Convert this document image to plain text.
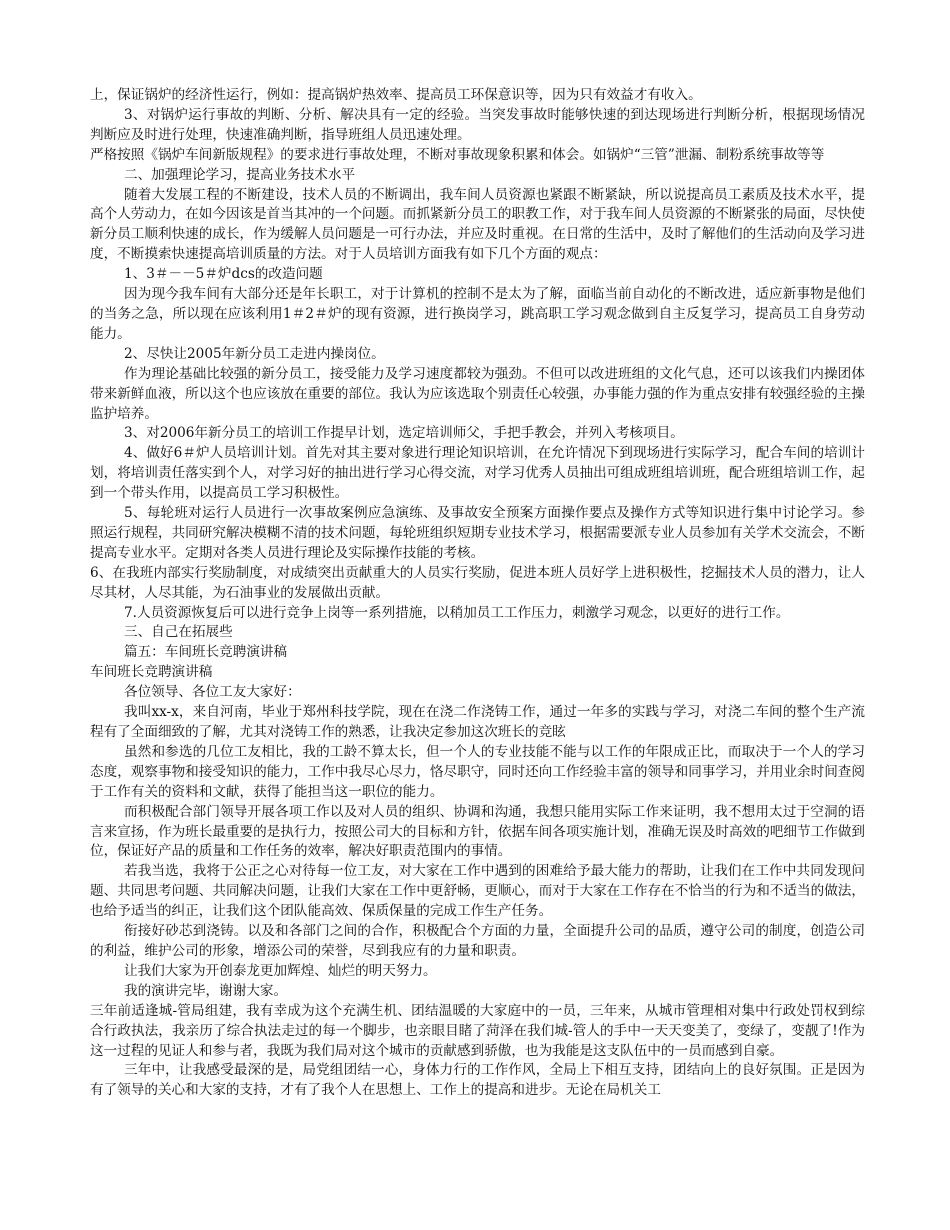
上，保证锅炉的经济性运行，例如：提高锅炉热效率、提高员工环保意识等，因为只有效益才有收入。

3、对锅炉运行事故的判断、分析、解决具有一定的经验。当突发事故时能够快速的到达现场进行判断分析，根据现场情况判断应及时进行处理，快速准确判断，指导班组人员迅速处理。

严格按照《锅炉车间新版规程》的要求进行事故处理，不断对事故现象积累和体会。如锅炉“三管”泄漏、制粉系统事故等等

二、加强理论学习，提高业务技术水平

随着大发展工程的不断建设，技术人员的不断调出，我车间人员资源也紧跟不断紧缺，所以说提高员工素质及技术水平，提高个人劳动力，在如今因该是首当其冲的一个问题。而抓紧新分员工的职教工作，对于我车间人员资源的不断紧张的局面，尽快使新分员工顺利快速的成长，作为缓解人员问题是一可行办法，并应及时重视。在日常的生活中，及时了解他们的生活动向及学习进度，不断摸索快速提高培训质量的方法。对于人员培训方面我有如下几个方面的观点：

1、3＃－－5＃炉dcs的改造问题

因为现今我车间有大部分还是年长职工，对于计算机的控制不是太为了解，面临当前自动化的不断改进，适应新事物是他们的当务之急，所以现在应该利用1＃2＃炉的现有资源，进行换岗学习，跳高职工学习观念做到自主反复学习，提高员工自身劳动能力。

2、尽快让2005年新分员工走进内操岗位。

作为理论基础比较强的新分员工，接受能力及学习速度都较为强劲。不但可以改进班组的文化气息，还可以该我们内操团体带来新鲜血液，所以这个也应该放在重要的部位。我认为应该选取个别责任心较强，办事能力强的作为重点安排有较强经验的主操监护培养。

3、对2006年新分员工的培训工作提早计划，选定培训师父，手把手教会，并列入考核项目。

4、做好6＃炉人员培训计划。首先对其主要对象进行理论知识培训，在允许情况下到现场进行实际学习，配合车间的培训计划，将培训责任落实到个人，对学习好的抽出进行学习心得交流，对学习优秀人员抽出可组成班组培训班，配合班组培训工作，起到一个带头作用，以提高员工学习积极性。

5、每轮班对运行人员进行一次事故案例应急演练、及事故安全预案方面操作要点及操作方式等知识进行集中讨论学习。参照运行规程，共同研究解决模糊不清的技术问题，每轮班组织短期专业技术学习，根据需要派专业人员参加有关学术交流会，不断提高专业水平。定期对各类人员进行理论及实际操作技能的考核。

6、在我班内部实行奖励制度，对成绩突出贡献重大的人员实行奖励，促进本班人员好学上进积极性，挖掘技术人员的潜力，让人尽其材，人尽其能，为石油事业的发展做出贡献。

7.人员资源恢复后可以进行竞争上岗等一系列措施，以稍加员工工作压力，刺激学习观念，以更好的进行工作。

三、自己在拓展些

篇五：车间班长竞聘演讲稿

车间班长竞聘演讲稿

各位领导、各位工友大家好：

我叫xx-x，来自河南，毕业于郑州科技学院，现在在浇二作浇铸工作，通过一年多的实践与学习，对浇二车间的整个生产流程有了全面细致的了解，尤其对浇铸工作的熟悉，让我决定参加这次班长的竞眩

虽然和参选的几位工友相比，我的工龄不算太长，但一个人的专业技能不能与以工作的年限成正比，而取决于一个人的学习态度，观察事物和接受知识的能力，工作中我尽心尽力，恪尽职守，同时还向工作经验丰富的领导和同事学习，并用业余时间查阅于工作有关的资料和文献，获得了能担当这一职位的能力。

而积极配合部门领导开展各项工作以及对人员的组织、协调和沟通，我想只能用实际工作来证明，我不想用太过于空洞的语言来宣扬，作为班长最重要的是执行力，按照公司大的目标和方针，依据车间各项实施计划，准确无误及时高效的吧细节工作做到位，保证好产品的质量和工作任务的效率，解决好职责范围内的事情。

若我当选，我将于公正之心对待每一位工友，对大家在工作中遇到的困难给予最大能力的帮助，让我们在工作中共同发现问题、共同思考问题、共同解决问题，让我们大家在工作中更舒畅，更顺心，而对于大家在工作存在不恰当的行为和不适当的做法，也给予适当的纠正，让我们这个团队能高效、保质保量的完成工作生产任务。

衔接好砂芯到浇铸。以及和各部门之间的合作，积极配合个方面的力量，全面提升公司的品质，遵守公司的制度，创造公司的利益，维护公司的形象，增添公司的荣誉，尽到我应有的力量和职责。

让我们大家为开创泰龙更加辉煌、灿烂的明天努力。

我的演讲完毕，谢谢大家。

三年前适逢城-管局组建，我有幸成为这个充满生机、团结温暖的大家庭中的一员，三年来，从城市管理相对集中行政处罚权到综合行政执法，我亲历了综合执法走过的每一个脚步，也亲眼目睹了菏泽在我们城-管人的手中一天天变美了，变绿了，变靓了!作为这一过程的见证人和参与者，我既为我们局对这个城市的贡献感到骄傲，也为我能是这支队伍中的一员而感到自豪。

三年中，让我感受最深的是，局党组团结一心，身体力行的工作作风，全局上下相互支持，团结向上的良好氛围。正是因为有了领导的关心和大家的支持，才有了我个人在思想上、工作上的提高和进步。无论在局机关工
